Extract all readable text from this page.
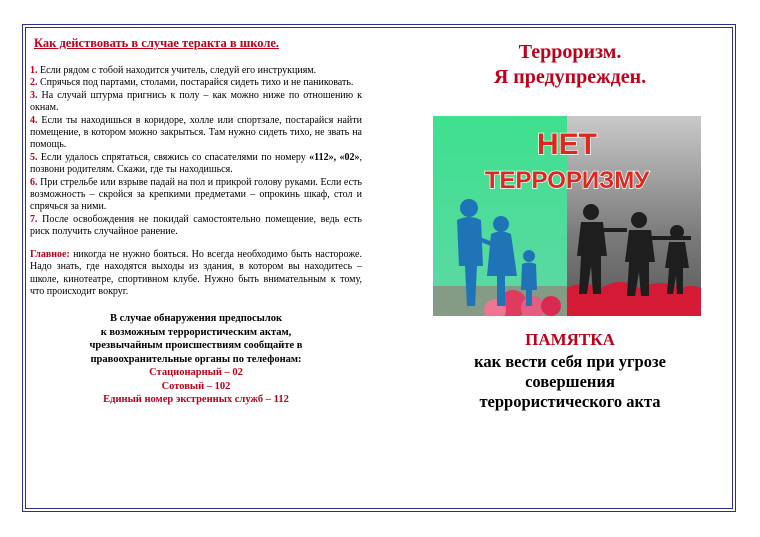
Как действовать в случае теракта в школе.

1. Если рядом с тобой находится учитель, следуй его инструкциям.

2. Спрячься под партами, столами, постарайся сидеть тихо и не паниковать.

3. На случай штурма пригнись к полу – как можно ниже по отношению к окнам.

4. Если ты находишься в коридоре, холле или спортзале, постарайся найти помещение, в котором можно закрыться. Там нужно сидеть тихо, не звать на помощь.

5. Если удалось спрятаться, свяжись со спасателями по номеру «112», «02», позвони родителям. Скажи, где ты находишься.

6. При стрельбе или взрыве падай на пол и прикрой голову руками. Если есть возможность – скройся за крепкими предметами – опрокинь шкаф, стол и спрячься за ними.

7. После освобождения не покидай самостоятельно помещение, ведь есть риск получить случайное ранение.

Главное: никогда не нужно бояться. Но всегда необходимо быть настороже. Надо знать, где находятся выходы из здания, в котором вы находитесь – школе, кинотеатре, спортивном клубе. Нужно быть внимательным к тому, что происходит вокруг.

В случае обнаружения предпосылок
к возможным террористическим актам,
чрезвычайным происшествиям сообщайте в
правоохранительные органы по телефонам:
Стационарный – 02
Сотовый – 102
Единый номер экстренных служб – 112
Терроризм.
Я предупрежден.
НЕТ
ТЕРРОРИЗМУ
ПАМЯТКА
как вести себя при угрозе
совершения
террористического акта
